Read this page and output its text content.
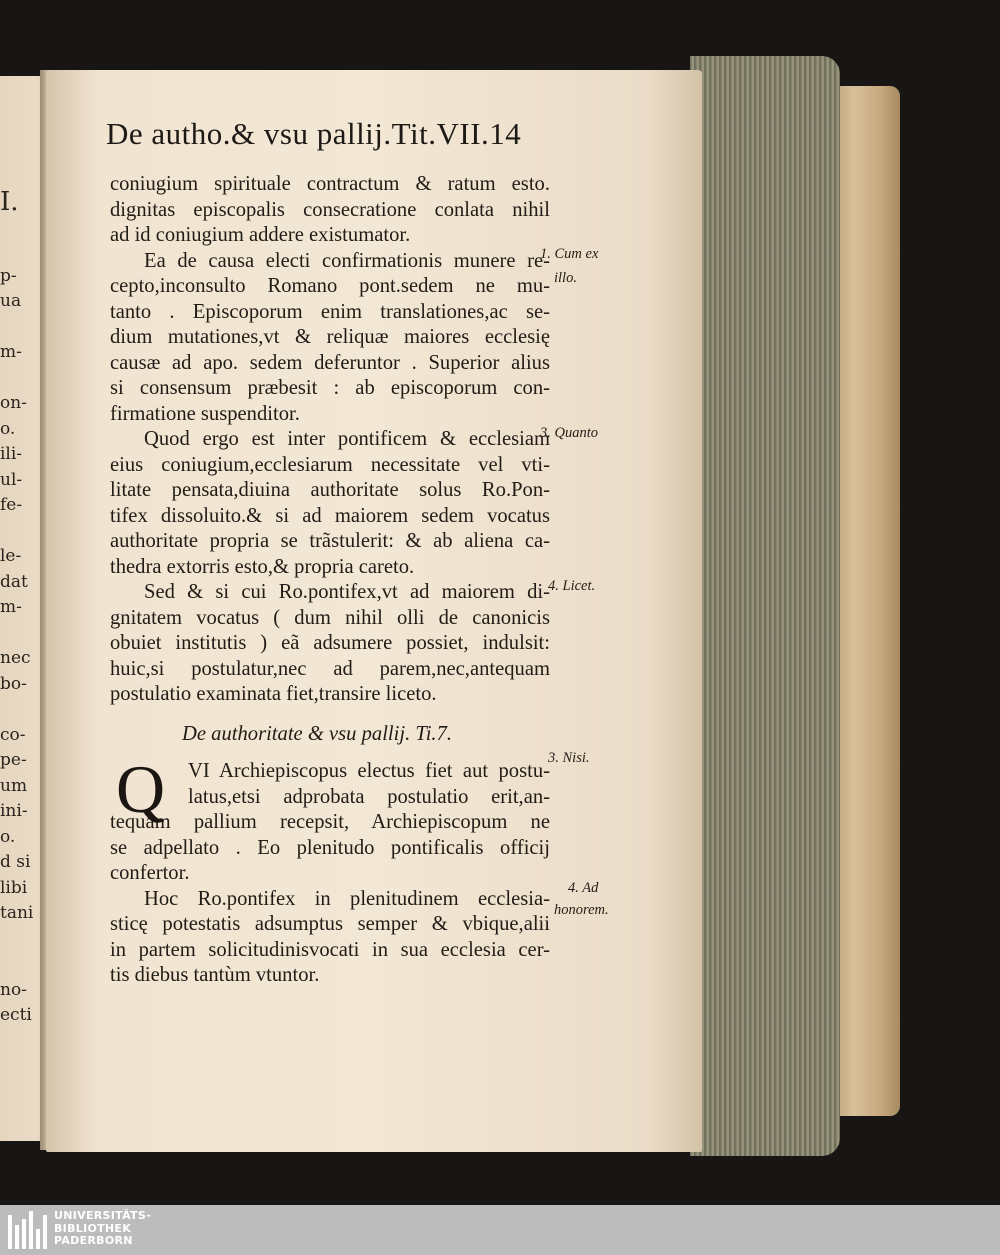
I.
p-
ua
m-
on-
o.
ili-
ul-
fe-
le-
dat
m-
nec
bo-
co-
pe-
um
ini-
o.
d si
libi
tani
no-
ecti
De autho.& vsu pallij.Tit.VII.14
coniugium spirituale contractum & ratum esto.
dignitas episcopalis consecratione conlata nihil
ad id coniugium addere existumator.
Ea de causa electi confirmationis munere re-
cepto,inconsulto Romano pont.sedem ne mu-
tanto . Episcoporum enim translationes,ac se-
dium mutationes,vt & reliquæ maiores ecclesię
causæ ad apo. sedem deferuntor . Superior alius
si consensum præbesit : ab episcoporum con-
firmatione suspenditor.
Quod ergo est inter pontificem & ecclesiam
eius coniugium,ecclesiarum necessitate vel vti-
litate pensata,diuina authoritate solus Ro.Pon-
tifex dissoluito.& si ad maiorem sedem vocatus
authoritate propria se trãstulerit: & ab aliena ca-
thedra extorris esto,& propria careto.
Sed & si cui Ro.pontifex,vt ad maiorem di-
gnitatem vocatus ( dum nihil olli de canonicis
obuiet institutis ) eã adsumere possiet, indulsit:
huic,si postulatur,nec ad parem,nec,antequam
postulatio examinata fiet,transire liceto.
De authoritate & vsu pallij. Ti.7.
Q	VI Archiepiscopus electus fiet aut postu-
latus,etsi adprobata postulatio erit,an-
tequam pallium recepsit, Archiepiscopum ne
se adpellato . Eo plenitudo pontificalis officij
confertor.
Hoc Ro.pontifex in plenitudinem ecclesia-
sticę potestatis adsumptus semper & vbique,alii
in partem solicitudinisvocati in sua ecclesia cer-
tis diebus tantùm vtuntor.
1. Cum ex
illo.
3. Quanto
4. Licet.
3. Nisi.
4. Ad
honorem.
UNIVERSITÄTS-
BIBLIOTHEK
PADERBORN
